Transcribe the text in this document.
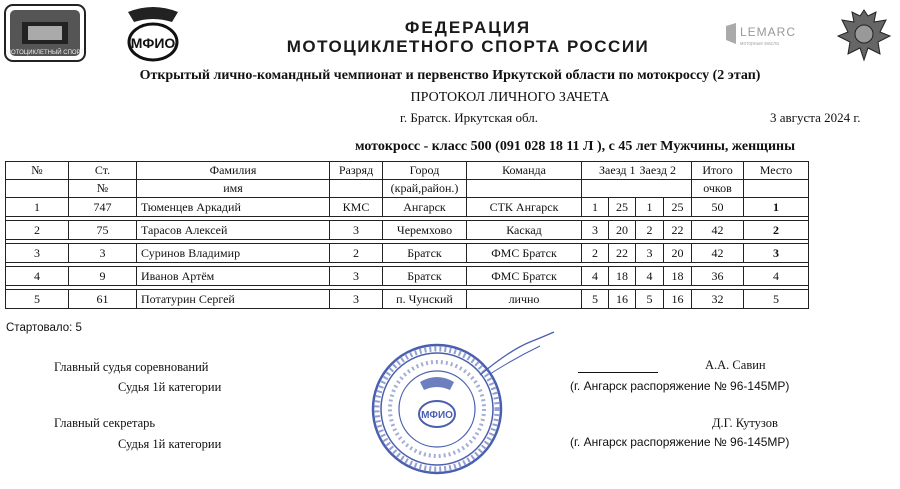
МОТОЦИКЛЕТНЫЙ СПОРТ
МФИО
ФЕДЕРАЦИЯ
МОТОЦИКЛЕТНОГО СПОРТА РОССИИ
LEMARC
моторные масла
Открытый лично-командный чемпионат и первенство Иркутской области по мотокроссу (2 этап)
ПРОТОКОЛ ЛИЧНОГО ЗАЧЕТА
г. Братск. Иркутская обл.	3 августа 2024 г.
мотокросс - класс 500 (091 028 18 11 Л ), с 45 лет Мужчины, женщины
№	Ст.	Фамилия	Разряд	Город	Команда	Заезд 1		Заезд 2		Итого	Место
	№	имя		(край,район.)						очков	
1	747	Тюменцев Аркадий	КМС	Ангарск	СТК Ангарск	1	25	1	25	50	1

2	75	Тарасов Алексей	3	Черемхово	Каскад	3	20	2	22	42	2

3	3	Суринов Владимир	2	Братск	ФМС Братск	2	22	3	20	42	3

4	9	Иванов Артём	3	Братск	ФМС Братск	4	18	4	18	36	4

5	61	Потатурин Сергей	3	п. Чунский	лично	5	16	5	16	32	5
Стартовало: 5
Главный судья соревнований
Судья 1й категории
А.А. Савин
(г. Ангарск распоряжение № 96-145МР)
Главный секретарь
Судья 1й категории
Д.Г. Кутузов
(г. Ангарск распоряжение № 96-145МР)
МФИО
